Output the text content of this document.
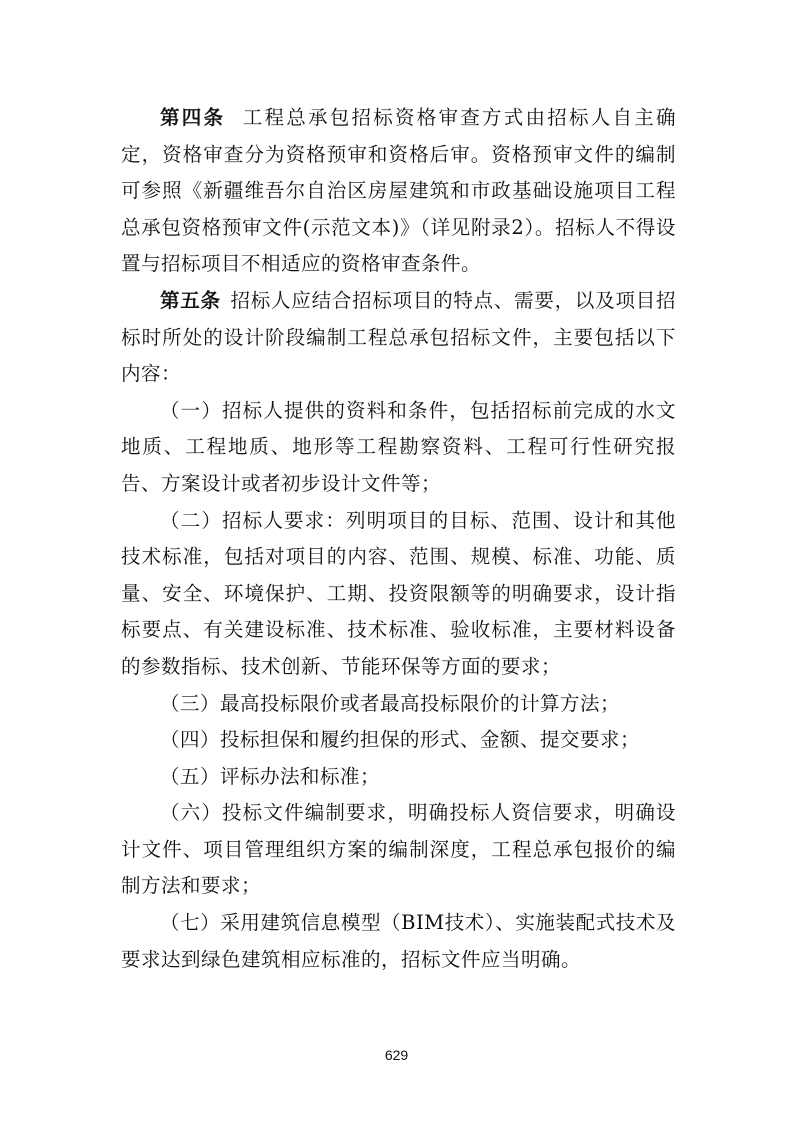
第四条 工程总承包招标资格审查方式由招标人自主确定，资格审查分为资格预审和资格后审。资格预审文件的编制可参照《新疆维吾尔自治区房屋建筑和市政基础设施项目工程总承包资格预审文件(示范文本)》（详见附录2）。招标人不得设置与招标项目不相适应的资格审查条件。

第五条 招标人应结合招标项目的特点、需要，以及项目招标时所处的设计阶段编制工程总承包招标文件，主要包括以下内容：

（一）招标人提供的资料和条件，包括招标前完成的水文地质、工程地质、地形等工程勘察资料、工程可行性研究报告、方案设计或者初步设计文件等；

（二）招标人要求：列明项目的目标、范围、设计和其他技术标准，包括对项目的内容、范围、规模、标准、功能、质量、安全、环境保护、工期、投资限额等的明确要求，设计指标要点、有关建设标准、技术标准、验收标准，主要材料设备的参数指标、技术创新、节能环保等方面的要求；

（三）最高投标限价或者最高投标限价的计算方法；

（四）投标担保和履约担保的形式、金额、提交要求；

（五）评标办法和标准；

（六）投标文件编制要求，明确投标人资信要求，明确设计文件、项目管理组织方案的编制深度，工程总承包报价的编制方法和要求；

（七）采用建筑信息模型（BIM技术）、实施装配式技术及要求达到绿色建筑相应标准的，招标文件应当明确。

629
